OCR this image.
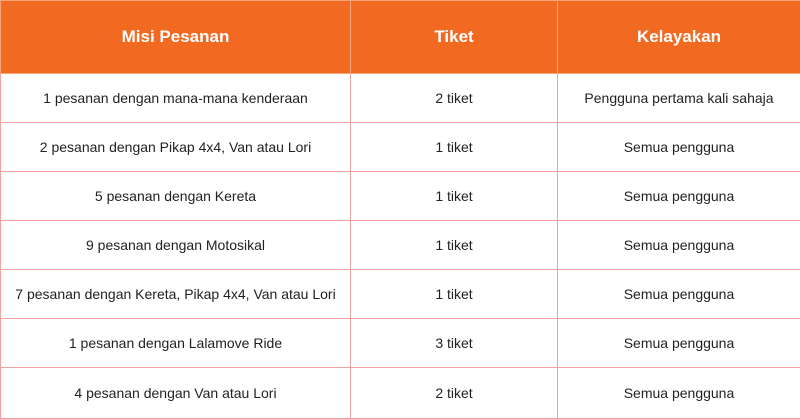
Misi Pesanan	Tiket	Kelayakan
1 pesanan dengan mana-mana kenderaan	2 tiket	Pengguna pertama kali sahaja
2 pesanan dengan Pikap 4x4, Van atau Lori	1 tiket	Semua pengguna
5 pesanan dengan Kereta	1 tiket	Semua pengguna
9 pesanan dengan Motosikal	1 tiket	Semua pengguna
7 pesanan dengan Kereta, Pikap 4x4, Van atau Lori	1 tiket	Semua pengguna
1 pesanan dengan Lalamove Ride	3 tiket	Semua pengguna
4 pesanan dengan Van atau Lori	2 tiket	Semua pengguna
